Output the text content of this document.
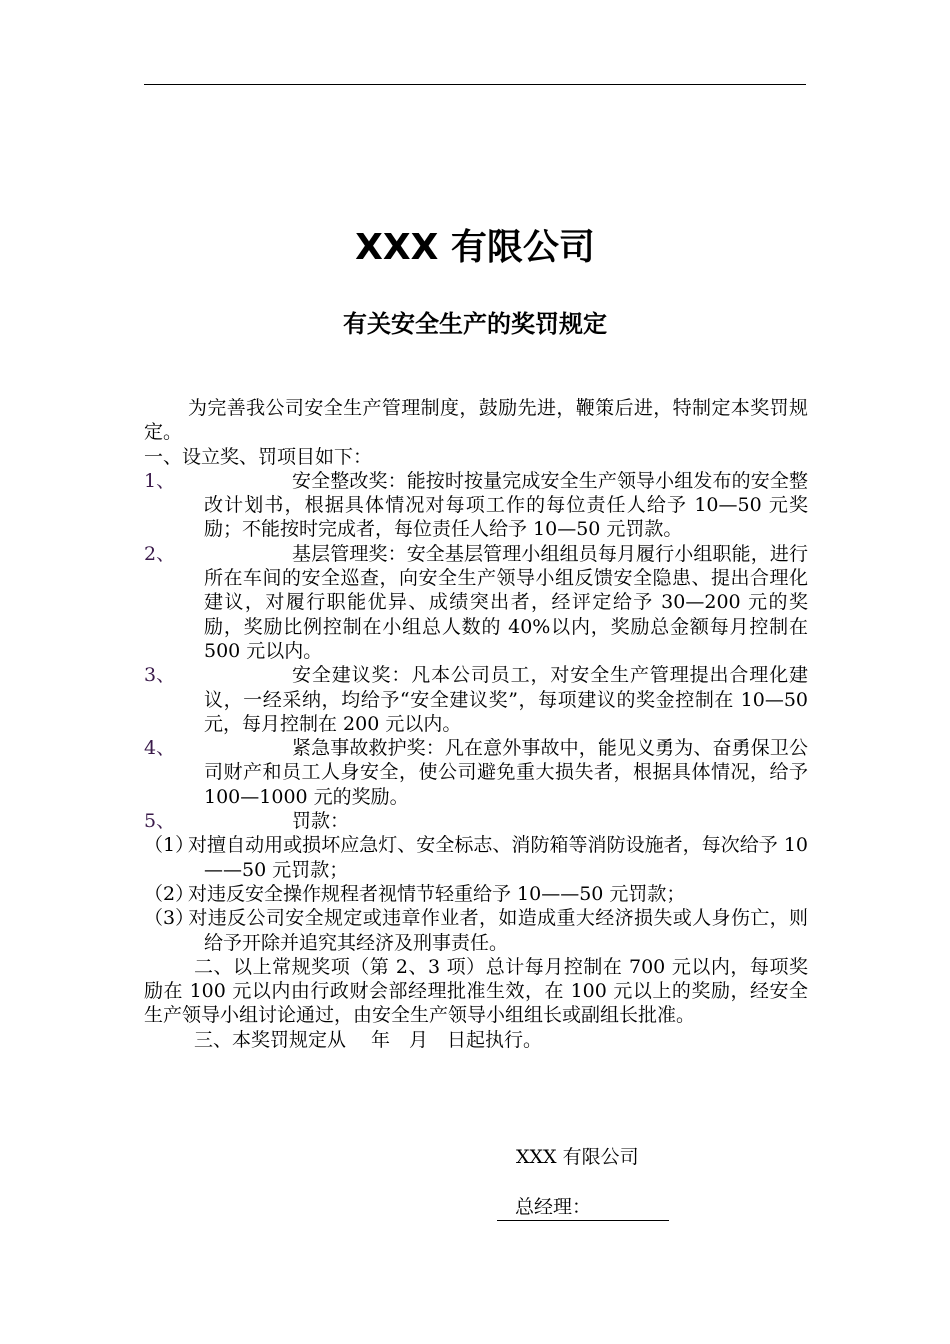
XXX 有限公司
有关安全生产的奖罚规定

为完善我公司安全生产管理制度，鼓励先进，鞭策后进，特制定本奖罚规定。

一、设立奖、罚项目如下：

1、	安全整改奖：能按时按量完成安全生产领导小组发布的安全整改计划书，根据具体情况对每项工作的每位责任人给予 10—50 元奖励；不能按时完成者，每位责任人给予 10—50 元罚款。
2、	基层管理奖：安全基层管理小组组员每月履行小组职能，进行所在车间的安全巡查，向安全生产领导小组反馈安全隐患、提出合理化建议，对履行职能优异、成绩突出者，经评定给予 30—200 元的奖励，奖励比例控制在小组总人数的 40%以内，奖励总金额每月控制在 500 元以内。
3、	安全建议奖：凡本公司员工，对安全生产管理提出合理化建议，一经采纳，均给予“安全建议奖”，每项建议的奖金控制在 10—50 元，每月控制在 200 元以内。
4、	紧急事故救护奖：凡在意外事故中，能见义勇为、奋勇保卫公司财产和员工人身安全，使公司避免重大损失者，根据具体情况，给予 100—1000 元的奖励。
5、	罚款：

（1）对擅自动用或损坏应急灯、安全标志、消防箱等消防设施者，每次给予 10——50 元罚款；

（2）对违反安全操作规程者视情节轻重给予 10——50 元罚款；

（3）对违反公司安全规定或违章作业者，如造成重大经济损失或人身伤亡，则给予开除并追究其经济及刑事责任。

二、以上常规奖项（第 2、3 项）总计每月控制在 700 元以内，每项奖励在 100 元以内由行政财会部经理批准生效，在 100 元以上的奖励，经安全生产领导小组讨论通过，由安全生产领导小组组长或副组长批准。

三、本奖罚规定从　 年　月　日起执行。

XXX 有限公司
总经理：
